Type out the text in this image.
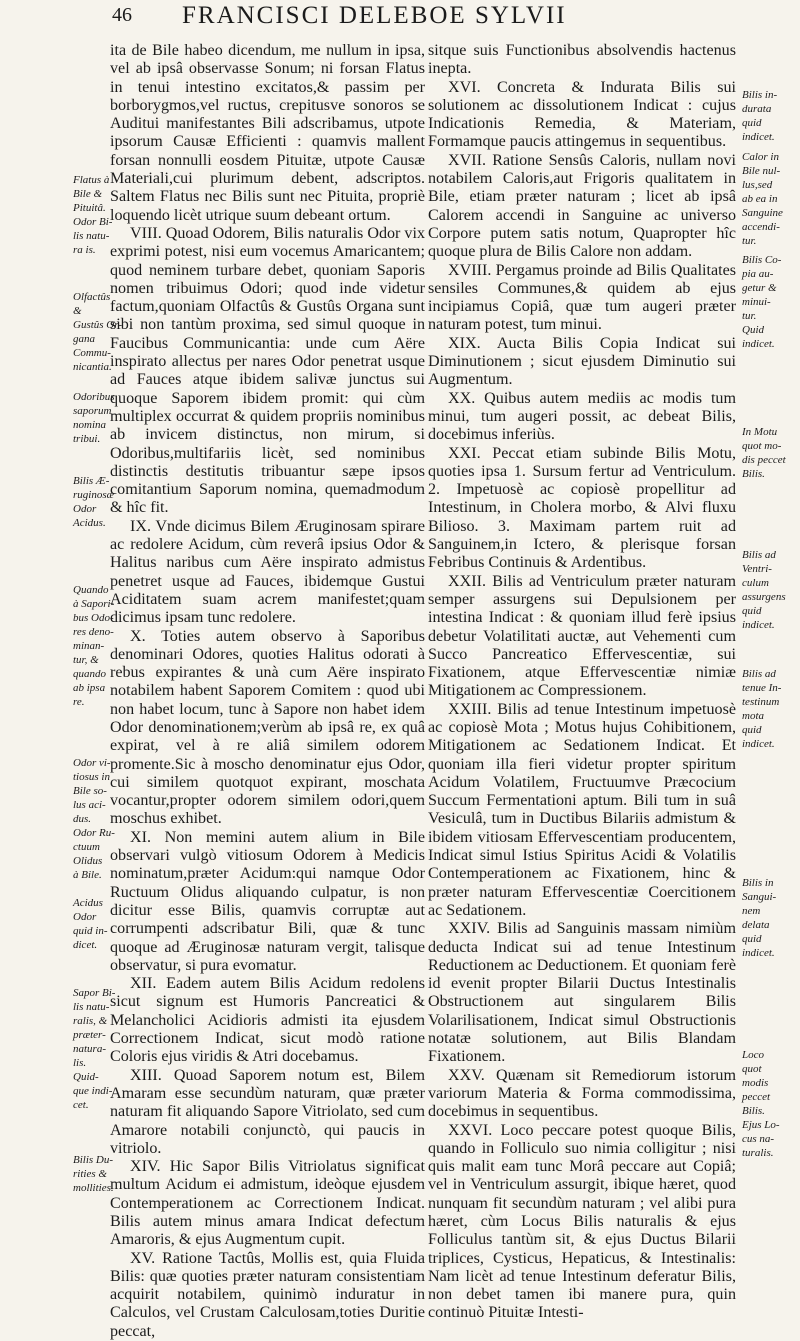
46 FRANCISCI DELEBOE SYLVII

ita de Bile habeo dicendum, me nullum in ipsa, vel ab ipsâ observasse Sonum; ni forsan Flatus in tenui intestino excitatos,& passim per borborygmos,vel ructus, crepitusve sonoros se Auditui manifestantes Bili adscribamus, utpote ipsorum Causæ Efficienti : quamvis mallent forsan nonnulli eosdem Pituitæ, utpote Causæ Materiali,cui plurimum debent, adscriptos. Saltem Flatus nec Bilis sunt nec Pituita, propriè loquendo licèt utrique suum debeant ortum.

VIII. Quoad Odorem, Bilis naturalis Odor vix exprimi potest, nisi eum vocemus Amaricantem; quod neminem turbare debet, quoniam Saporis nomen tribuimus Odori; quod inde videtur factum,quoniam Olfactûs & Gustûs Organa sunt sibi non tantùm proxima, sed simul quoque in Faucibus Communicantia: unde cum Aëre inspirato allectus per nares Odor penetrat usque ad Fauces atque ibidem salivæ junctus sui quoque Saporem ibidem promit: qui cùm multiplex occurrat & quidem propriis nominibus ab invicem distinctus, non mirum, si Odoribus,multifariis licèt, sed nominibus distinctis destitutis tribuantur sæpe ipsos comitantium Saporum nomina, quemadmodum & hîc fit.

IX. Vnde dicimus Bilem Æruginosam spirare ac redolere Acidum, cùm reverâ ipsius Odor & Halitus naribus cum Aëre inspirato admistus penetret usque ad Fauces, ibidemque Gustui Aciditatem suam acrem manifestet;quam dicimus ipsam tunc redolere.

X. Toties autem observo à Saporibus denominari Odores, quoties Halitus odorati à rebus expirantes & unà cum Aëre inspirato notabilem habent Saporem Comitem : quod ubi non habet locum, tunc à Sapore non habet idem Odor denominationem;verùm ab ipsâ re, ex quâ expirat, vel à re aliâ similem odorem promente.Sic à moscho denominatur ejus Odor, cui similem quotquot expirant, moschata vocantur,propter odorem similem odori,quem moschus exhibet.

XI. Non memini autem alium in Bile observari vulgò vitiosum Odorem à Medicis nominatum,præter Acidum:qui namque Odor Ructuum Olidus aliquando culpatur, is non dicitur esse Bilis, quamvis corruptæ aut corrumpenti adscribatur Bili, quæ & tunc quoque ad Æruginosæ naturam vergit, talisque observatur, si pura evomatur.

XII. Eadem autem Bilis Acidum redolens sicut signum est Humoris Pancreatici & Melancholici Acidioris admisti ita ejusdem Correctionem Indicat, sicut modò ratione Coloris ejus viridis & Atri docebamus.

XIII. Quoad Saporem notum est, Bilem Amaram esse secundùm naturam, quæ præter naturam fit aliquando Sapore Vitriolato, sed cum Amarore notabili conjunctò, qui paucis in vitriolo.

XIV. Hic Sapor Bilis Vitriolatus significat multum Acidum ei admistum, ideòque ejusdem Contemperationem ac Correctionem Indicat. Bilis autem minus amara Indicat defectum Amaroris, & ejus Augmentum cupit.

XV. Ratione Tactûs, Mollis est, quia Fluida Bilis: quæ quoties præter naturam consistentiam acquirit notabilem, quinimò induratur in Calculos, vel Crustam Calculosam,toties Duritie peccat,

sitque suis Functionibus absolvendis hactenus inepta.

XVI. Concreta & Indurata Bilis sui solutionem ac dissolutionem Indicat : cujus Indicationis Remedia, & Materiam, Formamque paucis attingemus in sequentibus.

XVII. Ratione Sensûs Caloris, nullam novi notabilem Caloris,aut Frigoris qualitatem in Bile, etiam præter naturam ; licet ab ipsâ Calorem accendi in Sanguine ac universo Corpore putem satis notum, Quapropter hîc quoque plura de Bilis Calore non addam.

XVIII. Pergamus proinde ad Bilis Qualitates sensiles Communes,& quidem ab ejus incipiamus Copiâ, quæ tum augeri præter naturam potest, tum minui.

XIX. Aucta Bilis Copia Indicat sui Diminutionem ; sicut ejusdem Diminutio sui Augmentum.

XX. Quibus autem mediis ac modis tum minui, tum augeri possit, ac debeat Bilis, docebimus inferiùs.

XXI. Peccat etiam subinde Bilis Motu, quoties ipsa 1. Sursum fertur ad Ventriculum. 2. Impetuosè ac copiosè propellitur ad Intestinum, in Cholera morbo, & Alvi fluxu Bilioso. 3. Maximam partem ruit ad Sanguinem,in Ictero, & plerisque forsan Febribus Continuis & Ardentibus.

XXII. Bilis ad Ventriculum præter naturam semper assurgens sui Depulsionem per intestina Indicat : & quoniam illud ferè ipsius debetur Volatilitati auctæ, aut Vehementi cum Succo Pancreatico Effervescentiæ, sui Fixationem, atque Effervescentiæ nimiæ Mitigationem ac Compressionem.

XXIII. Bilis ad tenue Intestinum impetuosè ac copiosè Mota ; Motus hujus Cohibitionem, Mitigationem ac Sedationem Indicat. Et quoniam illa fieri videtur propter spiritum Acidum Volatilem, Fructuumve Præcocium Succum Fermentationi aptum. Bili tum in suâ Vesiculâ, tum in Ductibus Bilariis admistum & ibidem vitiosam Effervescentiam producentem, Indicat simul Istius Spiritus Acidi & Volatilis Contemperationem ac Fixationem, hinc & præter naturam Effervescentiæ Coercitionem ac Sedationem.

XXIV. Bilis ad Sanguinis massam nimiùm deducta Indicat sui ad tenue Intestinum Reductionem ac Deductionem. Et quoniam ferè id evenit propter Bilarii Ductus Intestinalis Obstructionem aut singularem Bilis Volarilisationem, Indicat simul Obstructionis notatæ solutionem, aut Bilis Blandam Fixationem.

XXV. Quænam sit Remediorum istorum variorum Materia & Forma commodissima, docebimus in sequentibus.

XXVI. Loco peccare potest quoque Bilis, quando in Folliculo suo nimia colligitur ; nisi quis malit eam tunc Morâ peccare aut Copiâ; vel in Ventriculum assurgit, ibique hæret, quod nunquam fit secundùm naturam ; vel alibi pura hæret, cùm Locus Bilis naturalis & ejus Folliculus tantùm sit, & ejus Ductus Bilarii triplices, Cysticus, Hepaticus, & Intestinalis: Nam licèt ad tenue Intestinum deferatur Bilis, non debet tamen ibi manere pura, quin continuò Pituitæ Intesti-

Flatus à
Bile &
Pituitâ.
Odor Bi-
lis natu-
ra is.
Olfactûs
&
Gustûs Or-
gana
Commu-
nicantia.
Odoribus
saporum
nomina
tribui.
Bilis Æ-
ruginosæ
Odor
Acidus.
Quando
à Sapori-
bus Odo-
res deno-
minan-
tur, &
quando
ab ipsa
re.
Odor vi-
tiosus in
Bile so-
lus aci-
dus.
Odor Ru-
ctuum
Olidus
à Bile.
Acidus
Odor
quid in-
dicet.
Sapor Bi-
lis natu-
ralis, &
præter-
natura-
lis.
Quid-
que indi-
cet.
Bilis Du-
rities &
mollities.
Bilis in-
durata
quid
indicet.
Calor in
Bile nul-
lus,sed
ab ea in
Sanguine
accendi-
tur.
Bilis Co-
pia au-
getur &
minui-
tur.
Quid
indicet.
In Motu
quot mo-
dis peccet
Bilis.
Bilis ad
Ventri-
culum
assurgens
quid
indicet.
Bilis ad
tenue In-
testinum
mota
quid
indicet.
Bilis in
Sangui-
nem
delata
quid
indicet.
Loco
quot
modis
peccet
Bilis.
Ejus Lo-
cus na-
turalis.
